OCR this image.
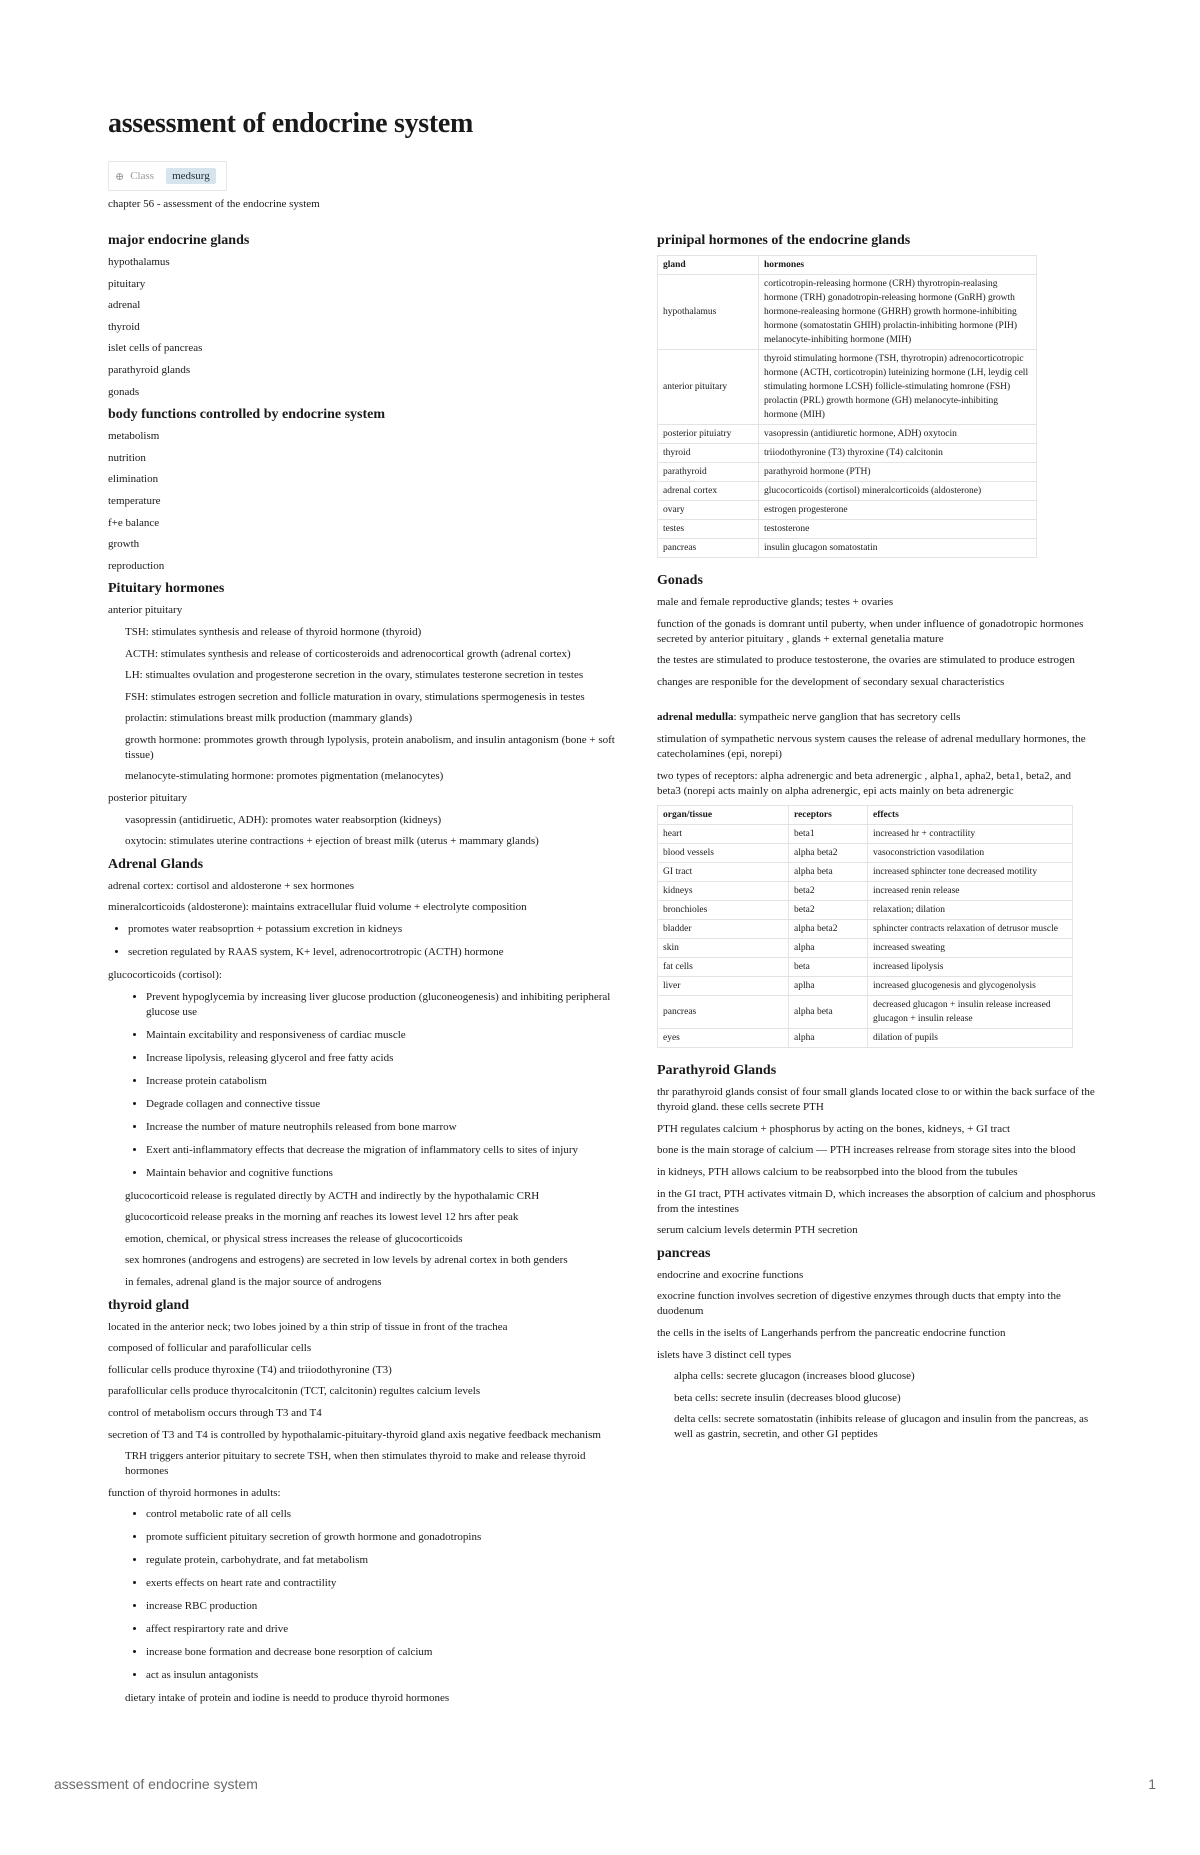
assessment of endocrine system
⊕ Class	medsurg

chapter 56 - assessment of the endocrine system

major endocrine glands

hypothalamus

pituitary

adrenal

thyroid

islet cells of pancreas

parathyroid glands

gonads

body functions controlled by endocrine system

metabolism

nutrition

elimination

temperature

f+e balance

growth

reproduction

Pituitary hormones

anterior pituitary

TSH: stimulates synthesis and release of thyroid hormone (thyroid)

ACTH: stimulates synthesis and release of corticosteroids and adrenocortical growth (adrenal cortex)

LH: stimualtes ovulation and progesterone secretion in the ovary, stimulates testerone secretion in testes

FSH: stimulates estrogen secretion and follicle maturation in ovary, stimulations spermogenesis in testes

prolactin: stimulations breast milk production (mammary glands)

growth hormone: prommotes growth through lypolysis, protein anabolism, and insulin antagonism (bone + soft tissue)

melanocyte-stimulating hormone: promotes pigmentation (melanocytes)

posterior pituitary

vasopressin (antidiruetic, ADH): promotes water reabsorption (kidneys)

oxytocin: stimulates uterine contractions + ejection of breast milk (uterus + mammary glands)

Adrenal Glands

adrenal cortex: cortisol and aldosterone + sex hormones

mineralcorticoids (aldosterone): maintains extracellular fluid volume + electrolyte composition

• promotes water reabsoprtion + potassium excretion in kidneys
• secretion regulated by RAAS system, K+ level, adrenocortrotropic (ACTH) hormone

glucocorticoids (cortisol):

• Prevent hypoglycemia by increasing liver glucose production (gluconeogenesis) and inhibiting peripheral glucose use
• Maintain excitability and responsiveness of cardiac muscle
• Increase lipolysis, releasing glycerol and free fatty acids
• Increase protein catabolism
• Degrade collagen and connective tissue
• Increase the number of mature neutrophils released from bone marrow
• Exert anti-inflammatory effects that decrease the migration of inflammatory cells to sites of injury
• Maintain behavior and cognitive functions

glucocorticoid release is regulated directly by ACTH and indirectly by the hypothalamic CRH

glucocorticoid release preaks in the morning anf reaches its lowest level 12 hrs after peak

emotion, chemical, or physical stress increases the release of glucocorticoids

sex homrones (androgens and estrogens) are secreted in low levels by adrenal cortex in both genders

in females, adrenal gland is the major source of androgens

thyroid gland

located in the anterior neck; two lobes joined by a thin strip of tissue in front of the trachea

composed of follicular and parafollicular cells

follicular cells produce thyroxine (T4) and triiodothyronine (T3)

parafollicular cells produce thyrocalcitonin (TCT, calcitonin) regultes calcium levels

control of metabolism occurs through T3 and T4

secretion of T3 and T4 is controlled by hypothalamic-pituitary-thyroid gland axis negative feedback mechanism

TRH triggers anterior pituitary to secrete TSH, when then stimulates thyroid to make and release thyroid hormones

function of thyroid hormones in adults:

• control metabolic rate of all cells
• promote sufficient pituitary secretion of growth hormone and gonadotropins
• regulate protein, carbohydrate, and fat metabolism
• exerts effects on heart rate and contractility
• increase RBC production
• affect respirartory rate and drive
• increase bone formation and decrease bone resorption of calcium
• act as insulun antagonists

dietary intake of protein and iodine is needd to produce thyroid hormones

prinipal hormones of the endocrine glands
gland	hormones
hypothalamus	corticotropin-releasing hormone (CRH) thyrotropin-realasing hormone (TRH) gonadotropin-releasing hormone (GnRH) growth hormone-realeasing hormone (GHRH) growth hormone-inhibiting hormone (somatostatin GHIH) prolactin-inhibiting hormone (PIH) melanocyte-inhibiting hormone (MIH)
anterior pituitary	thyroid stimulating hormone (TSH, thyrotropin) adrenocorticotropic hormone (ACTH, corticotropin) luteinizing hormone (LH, leydig cell stimulating hormone LCSH) follicle-stimulating homrone (FSH) prolactin (PRL) growth hormone (GH) melanocyte-inhibiting hormone (MIH)
posterior pituiatry	vasopressin (antidiuretic hormone, ADH) oxytocin
thyroid	triiodothyronine (T3) thyroxine (T4) calcitonin
parathyroid	parathyroid hormone (PTH)
adrenal cortex	glucocorticoids (cortisol) mineralcorticoids (aldosterone)
ovary	estrogen progesterone
testes	testosterone
pancreas	insulin glucagon somatostatin
Gonads

male and female reproductive glands; testes + ovaries

function of the gonads is domrant until puberty, when under influence of gonadotropic hormones secreted by anterior pituitary , glands + external genetalia mature

the testes are stimulated to produce testosterone, the ovaries are stimulated to produce estrogen

changes are responible for the development of secondary sexual characteristics

adrenal medulla: sympatheic nerve ganglion that has secretory cells

stimulation of sympathetic nervous system causes the release of adrenal medullary hormones, the catecholamines (epi, norepi)

two types of receptors: alpha adrenergic and beta adrenergic , alpha1, apha2, beta1, beta2, and beta3 (norepi acts mainly on alpha adrenergic, epi acts mainly on beta adrenergic

organ/tissue	receptors	effects
heart	beta1	increased hr + contractility
blood vessels	alpha beta2	vasoconstriction vasodilation
GI tract	alpha beta	increased sphincter tone decreased motility
kidneys	beta2	increased renin release
bronchioles	beta2	relaxation; dilation
bladder	alpha beta2	sphincter contracts relaxation of detrusor muscle
skin	alpha	increased sweating
fat cells	beta	increased lipolysis
liver	aplha	increased glucogenesis and glycogenolysis
pancreas	alpha beta	decreased glucagon + insulin release increased glucagon + insulin release
eyes	alpha	dilation of pupils
Parathyroid Glands

thr parathyroid glands consist of four small glands located close to or within the back surface of the thyroid gland. these cells secrete PTH

PTH regulates calcium + phosphorus by acting on the bones, kidneys, + GI tract

bone is the main storage of calcium — PTH increases relrease from storage sites into the blood

in kidneys, PTH allows calcium to be reabsorpbed into the blood from the tubules

in the GI tract, PTH activates vitmain D, which increases the absorption of calcium and phosphorus from the intestines

serum calcium levels determin PTH secretion

pancreas

endocrine and exocrine functions

exocrine function involves secretion of digestive enzymes through ducts that empty into the duodenum

the cells in the iselts of Langerhands perfrom the pancreatic endocrine function

islets have 3 distinct cell types

alpha cells: secrete glucagon (increases blood glucose)

beta cells: secrete insulin (decreases blood glucose)

delta cells: secrete somatostatin (inhibits release of glucagon and insulin from the pancreas, as well as gastrin, secretin, and other GI peptides

assessment of endocrine system	1
